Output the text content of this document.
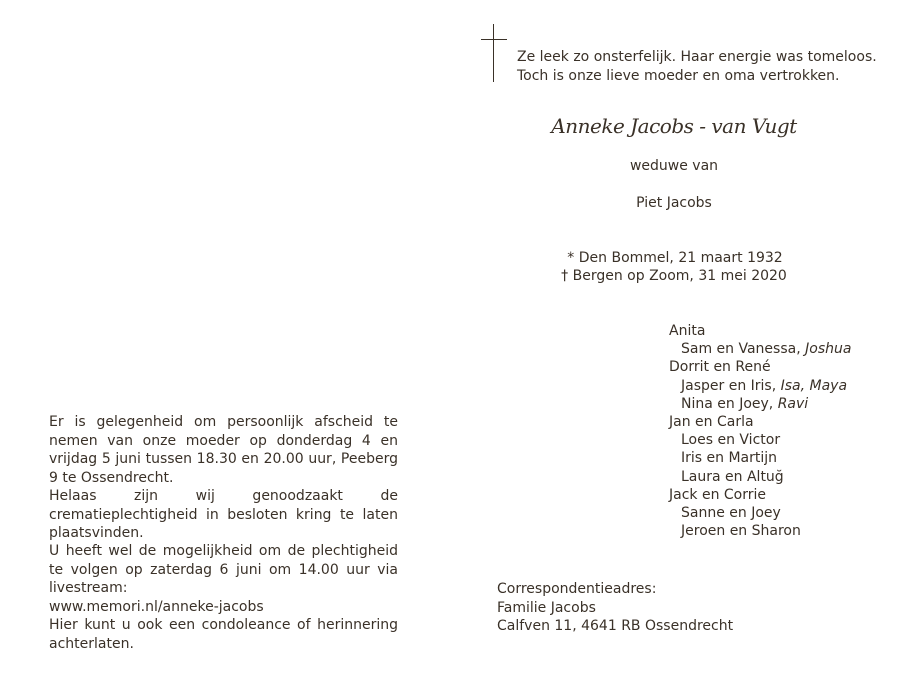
Ze leek zo onsterfelijk. Haar energie was tomeloos.
Toch is onze lieve moeder en oma vertrokken.
Anneke Jacobs - van Vugt
weduwe van
Piet Jacobs
* Den Bommel, 21 maart 1932
† Bergen op Zoom, 31 mei 2020
Anita
Sam en Vanessa, Joshua
Dorrit en René
Jasper en Iris, Isa, Maya
Nina en Joey, Ravi
Jan en Carla
Loes en Victor
Iris en Martijn
Laura en Altuğ
Jack en Corrie
Sanne en Joey
Jeroen en Sharon
Correspondentieadres:
Familie Jacobs
Calfven 11, 4641 RB Ossendrecht

Er is gelegenheid om persoonlijk afscheid te nemen van onze moeder op donderdag 4 en vrijdag 5 juni tussen 18.30 en 20.00 uur, Peeberg 9 te Ossendrecht.

Helaas zijn wij genoodzaakt de crematieplechtigheid in besloten kring te laten plaatsvinden.

U heeft wel de mogelijkheid om de plechtigheid te volgen op zaterdag 6 juni om 14.00 uur via livestream:

www.memori.nl/anneke-jacobs

Hier kunt u ook een condoleance of herinnering achterlaten.
